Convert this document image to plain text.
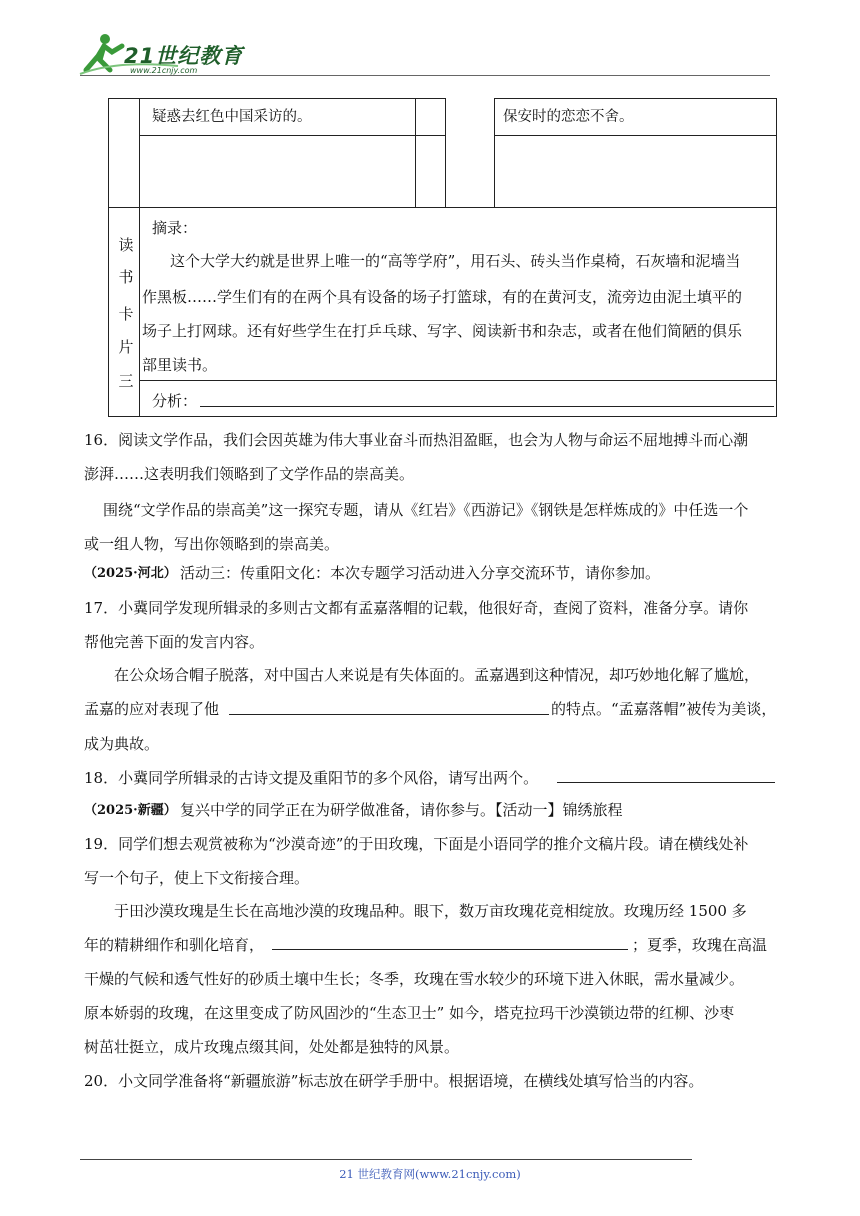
21世纪教育
www.21cnjy.com
疑惑去红色中国采访的。	保安时的恋恋不舍。
读
书
卡
片
三
摘录：
这个大学大约就是世界上唯一的“高等学府”，用石头、砖头当作桌椅，石灰墙和泥墙当
作黑板……学生们有的在两个具有设备的场子打篮球，有的在黄河支，流旁边由泥土填平的
场子上打网球。还有好些学生在打乒乓球、写字、阅读新书和杂志，或者在他们简陋的俱乐
部里读书。
分析：
16．阅读文学作品，我们会因英雄为伟大事业奋斗而热泪盈眶，也会为人物与命运不屈地搏斗而心潮
澎湃……这表明我们领略到了文学作品的崇高美。
围绕“文学作品的崇高美”这一探究专题，请从《红岩》《西游记》《钢铁是怎样炼成的》中任选一个
或一组人物，写出你领略到的崇高美。
（2025·河北） 活动三：传重阳文化：本次专题学习活动进入分享交流环节，请你参加。
17．小冀同学发现所辑录的多则古文都有孟嘉落帽的记载，他很好奇，查阅了资料，准备分享。请你
帮他完善下面的发言内容。
在公众场合帽子脱落，对中国古人来说是有失体面的。孟嘉遇到这种情况，却巧妙地化解了尴尬，
孟嘉的应对表现了他	的特点。“孟嘉落帽”被传为美谈，
成为典故。
18．小冀同学所辑录的古诗文提及重阳节的多个风俗，请写出两个。
（2025·新疆） 复兴中学的同学正在为研学做准备，请你参与。【活动一】锦绣旅程
19．同学们想去观赏被称为“沙漠奇迹”的于田玫瑰，下面是小语同学的推介文稿片段。请在横线处补
写一个句子，使上下文衔接合理。
于田沙漠玫瑰是生长在高地沙漠的玫瑰品种。眼下，数万亩玫瑰花竞相绽放。玫瑰历经 1500 多
年的精耕细作和驯化培育，	；夏季，玫瑰在高温
干燥的气候和透气性好的砂质土壤中生长；冬季，玫瑰在雪水较少的环境下进入休眠，需水量减少。
原本娇弱的玫瑰，在这里变成了防风固沙的“生态卫士” 如今，塔克拉玛干沙漠锁边带的红柳、沙枣
树茁壮挺立，成片玫瑰点缀其间，处处都是独特的风景。
20．小文同学准备将“新疆旅游”标志放在研学手册中。根据语境，在横线处填写恰当的内容。
21 世纪教育网(www.21cnjy.com)
